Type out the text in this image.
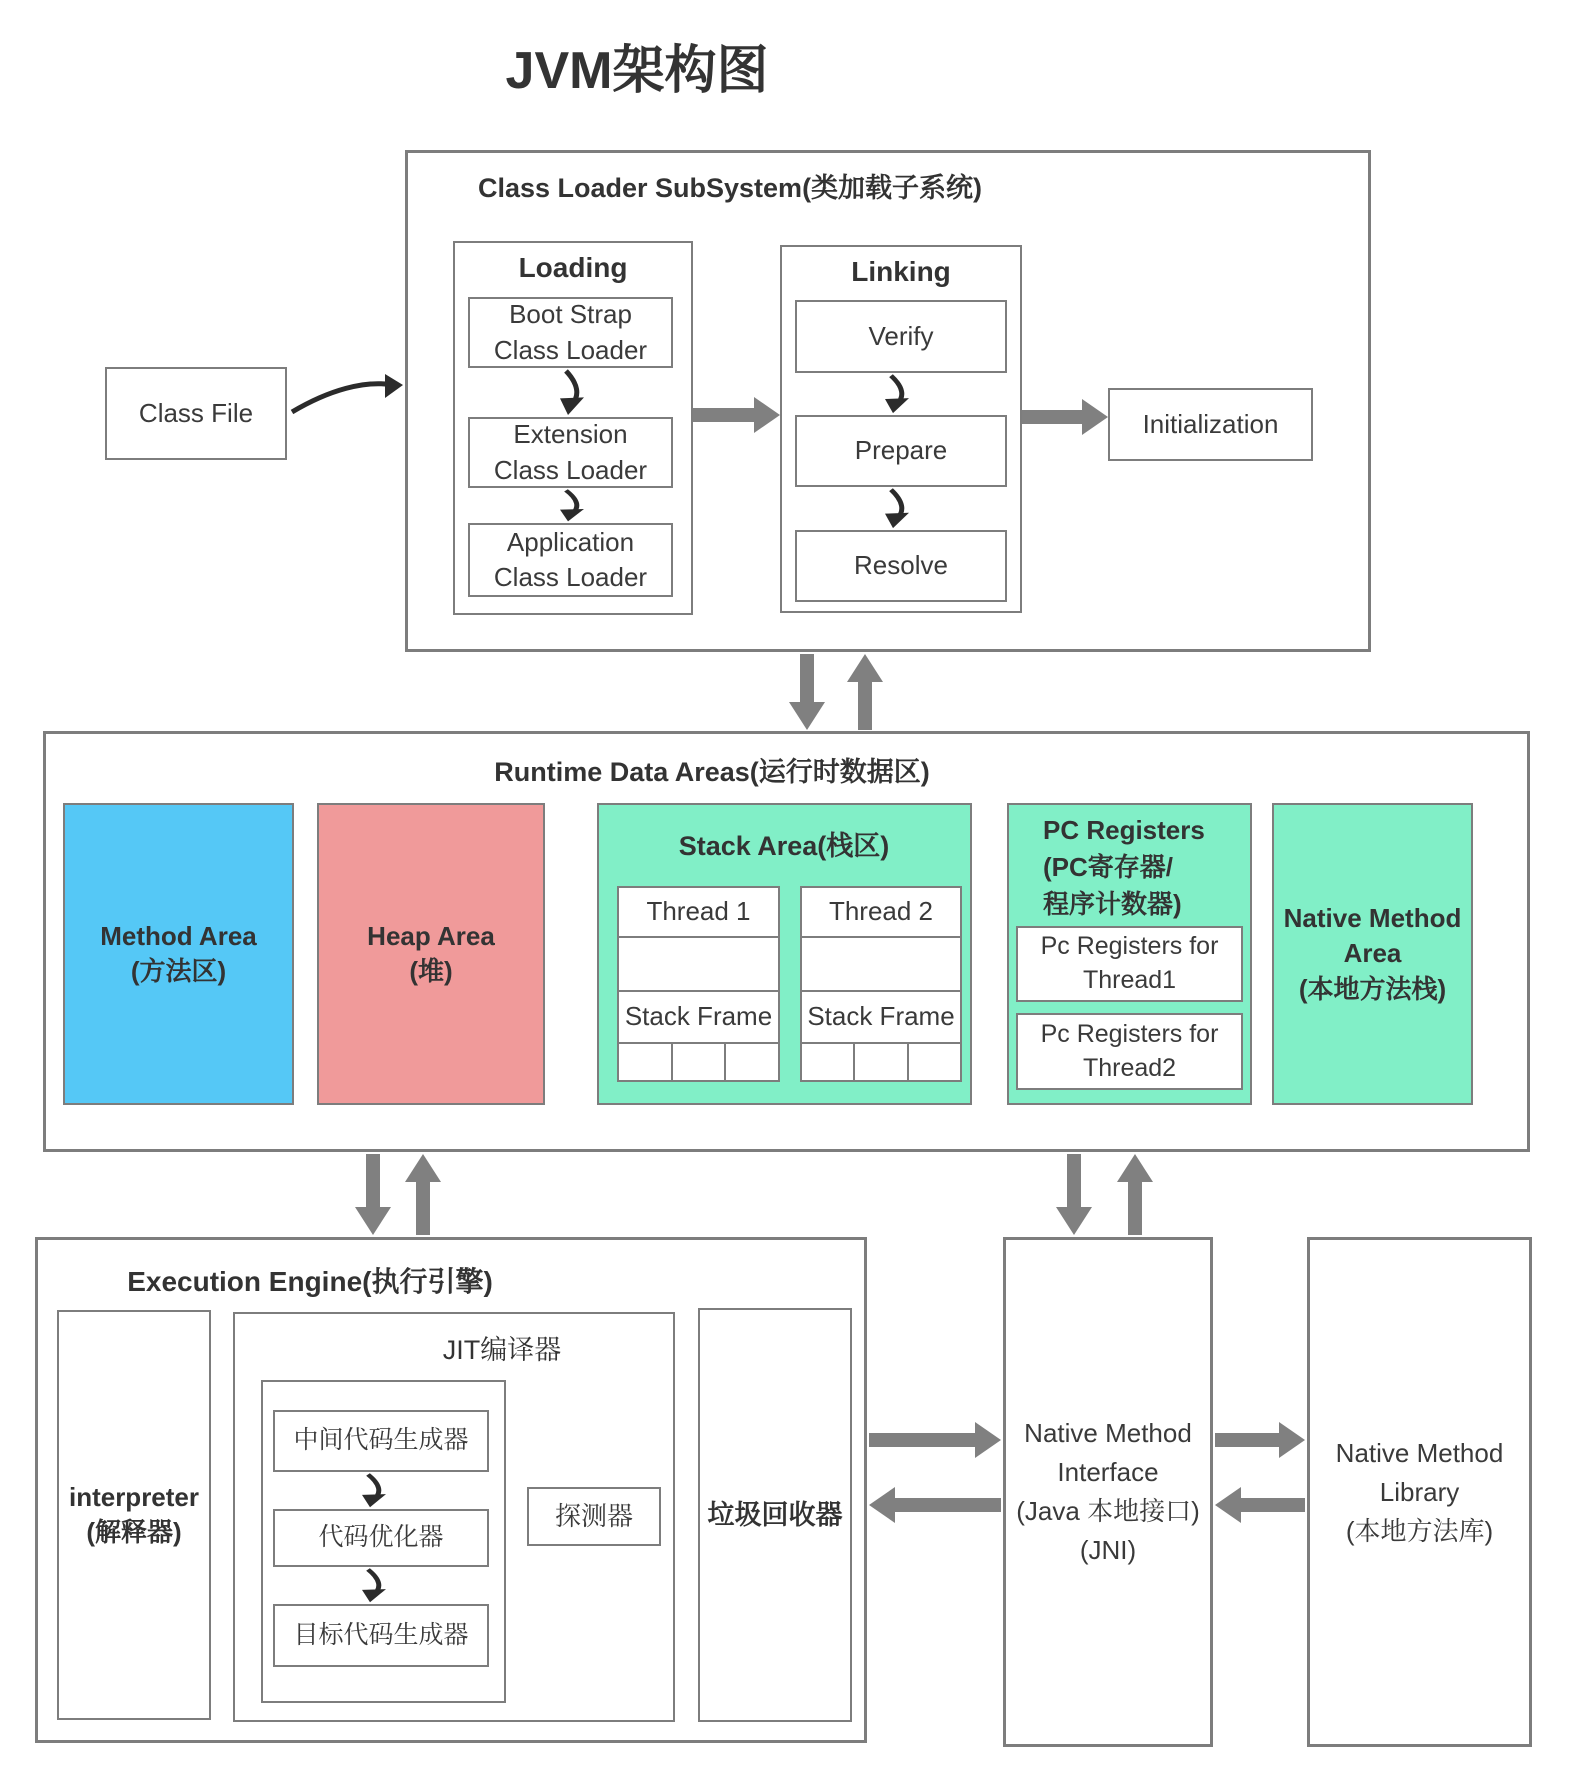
JVM架构图
Class File
Class Loader SubSystem(类加载子系统)
Loading
Boot Strap
Class Loader
Extension
Class Loader
Application
Class Loader
Linking
Verify
Prepare
Resolve
Initialization
Runtime Data Areas(运行时数据区)
Method Area
(方法区)
Heap Area
(堆)
Stack Area(栈区)
Thread 1
Stack Frame
Thread 2
Stack Frame
PC Registers
(PC寄存器/
程序计数器)
Pc Registers for Thread1
Pc Registers for Thread2
Native Method
Area
(本地方法栈)
Execution Engine(执行引擎)
interpreter
(解释器)
JIT编译器
中间代码生成器
代码优化器
目标代码生成器
探测器	垃圾回收器
Native Method
Interface
(Java 本地接口)
(JNI)
Native Method
Library
(本地方法库)
